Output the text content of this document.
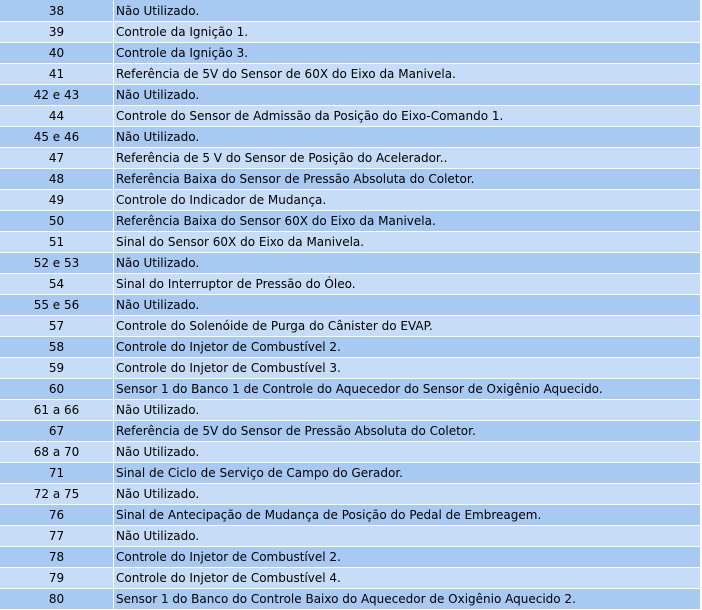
38	Não Utilizado.
39	Controle da Ignição 1.
40	Controle da Ignição 3.
41	Referência de 5V do Sensor de 60X do Eixo da Manivela.
42 e 43	Não Utilizado.
44	Controle do Sensor de Admissão da Posição do Eixo-Comando 1.
45 e 46	Não Utilizado.
47	Referência de 5 V do Sensor de Posição do Acelerador..
48	Referência Baixa do Sensor de Pressão Absoluta do Coletor.
49	Controle do Indicador de Mudança.
50	Referência Baixa do Sensor 60X do Eixo da Manivela.
51	Sinal do Sensor 60X do Eixo da Manivela.
52 e 53	Não Utilizado.
54	Sinal do Interruptor de Pressão do Óleo.
55 e 56	Não Utilizado.
57	Controle do Solenóide de Purga do Cânister do EVAP.
58	Controle do Injetor de Combustível 2.
59	Controle do Injetor de Combustível 3.
60	Sensor 1 do Banco 1 de Controle do Aquecedor do Sensor de Oxigênio Aquecido.
61 a 66	Não Utilizado.
67	Referência de 5V do Sensor de Pressão Absoluta do Coletor.
68 a 70	Não Utilizado.
71	Sinal de Ciclo de Serviço de Campo do Gerador.
72 a 75	Não Utilizado.
76	Sinal de Antecipação de Mudança de Posição do Pedal de Embreagem.
77	Não Utilizado.
78	Controle do Injetor de Combustível 2.
79	Controle do Injetor de Combustível 4.
80	Sensor 1 do Banco do Controle Baixo do Aquecedor de Oxigênio Aquecido 2.
